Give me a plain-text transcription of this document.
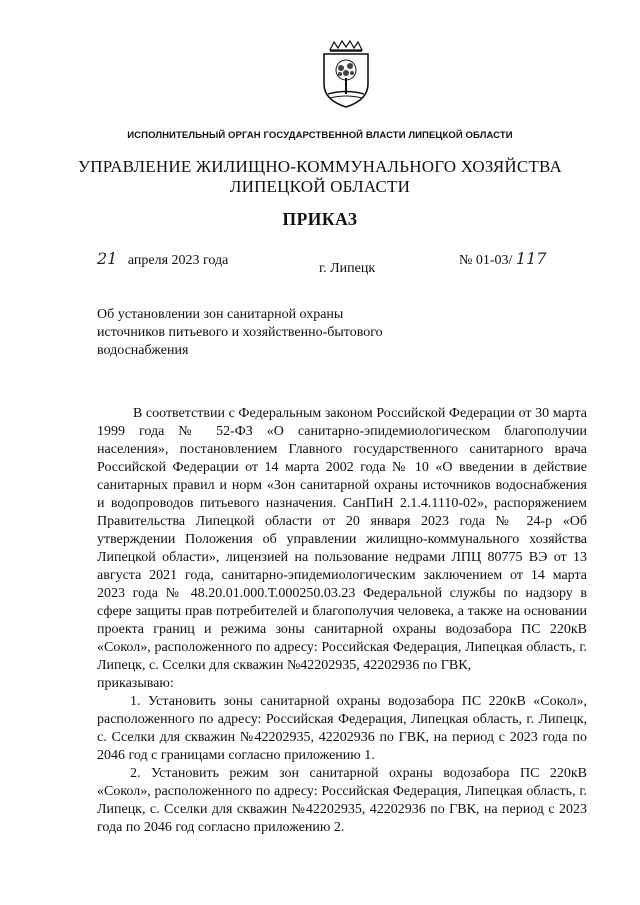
ИСПОЛНИТЕЛЬНЫЙ ОРГАН ГОСУДАРСТВЕННОЙ ВЛАСТИ ЛИПЕЦКОЙ ОБЛАСТИ
УПРАВЛЕНИЕ ЖИЛИЩНО-КОММУНАЛЬНОГО ХОЗЯЙСТВА
ЛИПЕЦКОЙ ОБЛАСТИ
ПРИКАЗ
21 апреля 2023 года
г. Липецк
№ 01-03/ 117
Об установлении зон санитарной охраны
источников питьевого и хозяйственно-бытового
водоснабжения

В соответствии с Федеральным законом Российской Федерации от 30 марта 1999 года № 52-ФЗ «О санитарно-эпидемиологическом благополучии населения», постановлением Главного государственного санитарного врача Российской Федерации от 14 марта 2002 года № 10 «О введении в действие санитарных правил и норм «Зон санитарной охраны источников водоснабжения и водопроводов питьевого назначения. СанПиН 2.1.4.1110-02», распоряжением Правительства Липецкой области от 20 января 2023 года № 24-р «Об утверждении Положения об управлении жилищно-коммунального хозяйства Липецкой области», лицензией на пользование недрами ЛПЦ 80775 ВЭ от 13 августа 2021 года, санитарно-эпидемиологическим заключением от 14 марта 2023 года № 48.20.01.000.Т.000250.03.23 Федеральной службы по надзору в сфере защиты прав потребителей и благополучия человека, а также на основании проекта границ и режима зоны санитарной охраны водозабора ПС 220кВ «Сокол», расположенного по адресу: Российская Федерация, Липецкая область, г. Липецк, с. Сселки для скважин №42202935, 42202936 по ГВК,

приказываю:

1. Установить зоны санитарной охраны водозабора ПС 220кВ «Сокол», расположенного по адресу: Российская Федерация, Липецкая область, г. Липецк, с. Сселки для скважин №42202935, 42202936 по ГВК, на период с 2023 года по 2046 год с границами согласно приложению 1.

2. Установить режим зон санитарной охраны водозабора ПС 220кВ «Сокол», расположенного по адресу: Российская Федерация, Липецкая область, г. Липецк, с. Сселки для скважин №42202935, 42202936 по ГВК, на период с 2023 года по 2046 год согласно приложению 2.
